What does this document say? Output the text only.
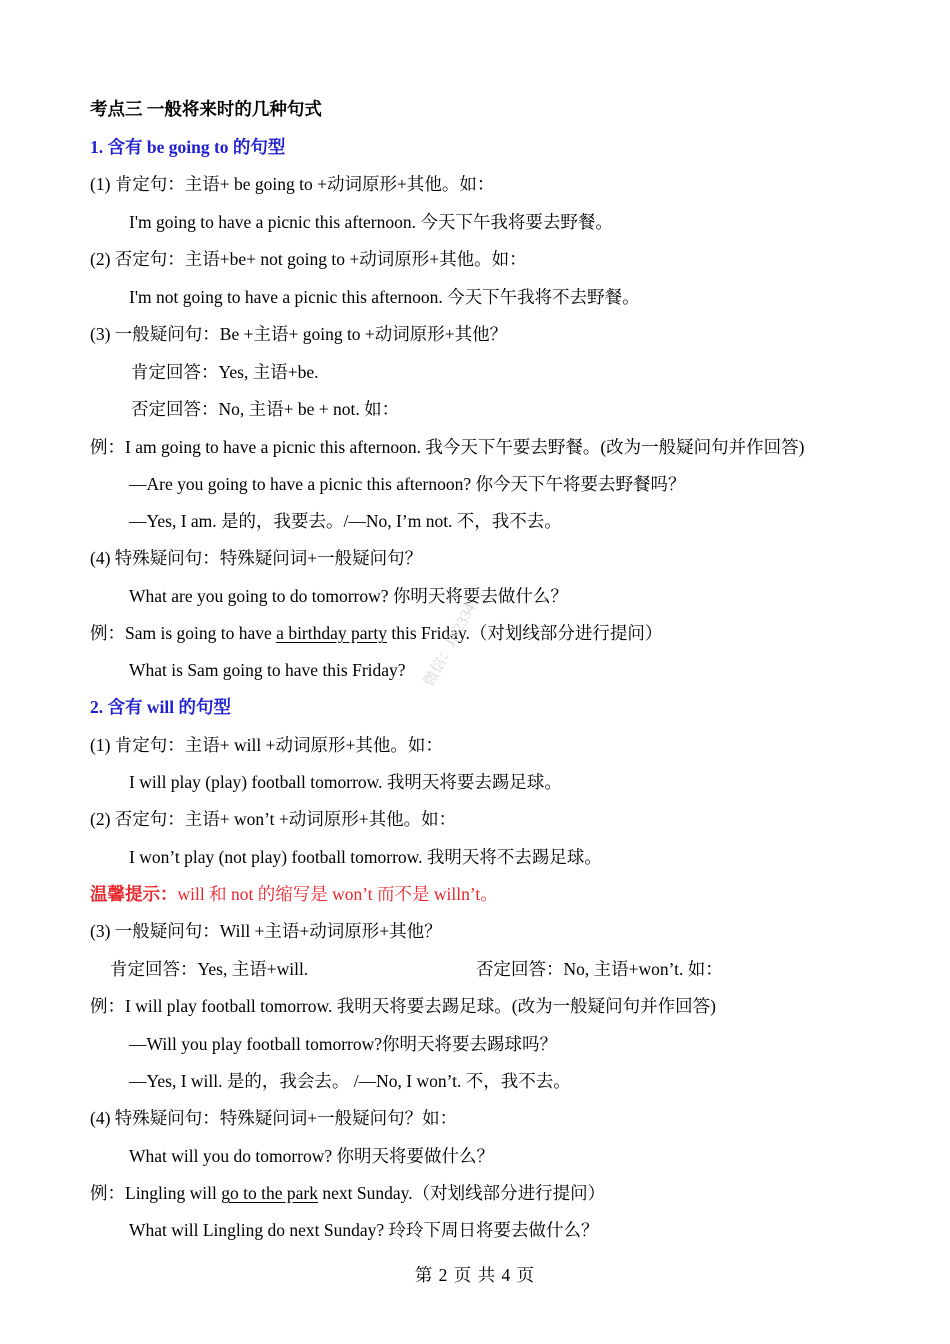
考点三 一般将来时的几种句式
1. 含有 be going to 的句型
(1) 肯定句：主语+ be going to +动词原形+其他。如：
I'm going to have a picnic this afternoon. 今天下午我将要去野餐。
(2) 否定句：主语+be+ not going to +动词原形+其他。如：
I'm not going to have a picnic this afternoon. 今天下午我将不去野餐。
(3) 一般疑问句：Be +主语+ going to +动词原形+其他？
肯定回答：Yes, 主语+be.
否定回答：No, 主语+ be + not. 如：
例：I am going to have a picnic this afternoon. 我今天下午要去野餐。(改为一般疑问句并作回答)
—Are you going to have a picnic this afternoon? 你今天下午将要去野餐吗？
—Yes, I am. 是的，我要去。/—No, I’m not. 不，我不去。
(4) 特殊疑问句：特殊疑问词+一般疑问句？
What are you going to do tomorrow? 你明天将要去做什么？
例：Sam is going to have a birthday party this Friday.（对划线部分进行提问）
What is Sam going to have this Friday?
2. 含有 will 的句型
(1) 肯定句：主语+ will +动词原形+其他。如：
I will play (play) football tomorrow. 我明天将要去踢足球。
(2) 否定句：主语+ won’t +动词原形+其他。如：
I won’t play (not play) football tomorrow. 我明天将不去踢足球。
温馨提示：will 和 not 的缩写是 won’t 而不是 willn’t。
(3) 一般疑问句：Will +主语+动词原形+其他？
肯定回答：Yes, 主语+will.	否定回答：No, 主语+won’t. 如：
例：I will play football tomorrow. 我明天将要去踢足球。(改为一般疑问句并作回答)
—Will you play football tomorrow?你明天将要去踢球吗？
—Yes, I will. 是的，我会去。 /—No, I won’t. 不，我不去。
(4) 特殊疑问句：特殊疑问词+一般疑问句？如：
What will you do tomorrow? 你明天将要做什么？
例：Lingling will go to the park next Sunday.（对划线部分进行提问）
What will Lingling do next Sunday? 玲玲下周日将要去做什么？
微信：JN2334
第 2 页 共 4 页
